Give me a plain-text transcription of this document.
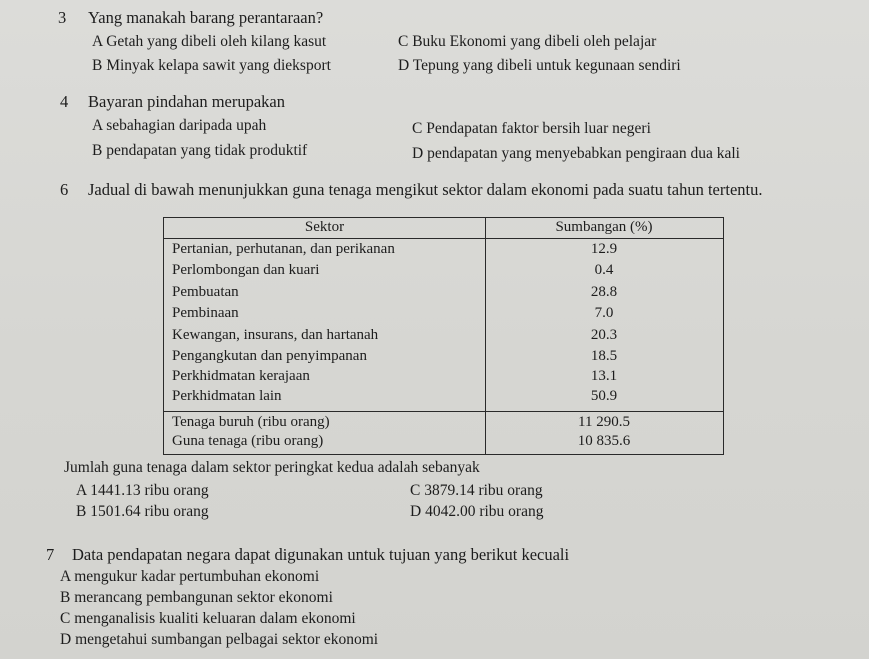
3 Yang manakah barang perantaraan?
A Getah yang dibeli oleh kilang kasut	C Buku Ekonomi yang dibeli oleh pelajar
B Minyak kelapa sawit yang dieksport	D Tepung yang dibeli untuk kegunaan sendiri
4 Bayaran pindahan merupakan
A sebahagian daripada upah	C Pendapatan faktor bersih luar negeri
B pendapatan yang tidak produktif	D pendapatan yang menyebabkan pengiraan dua kali
6 Jadual di bawah menunjukkan guna tenaga mengikut sektor dalam ekonomi pada suatu tahun tertentu.
Sektor	Sumbangan (%)
Pertanian, perhutanan, dan perikanan	12.9
Perlombongan dan kuari	0.4
Pembuatan	28.8
Pembinaan	7.0
Kewangan, insurans, dan hartanah	20.3
Pengangkutan dan penyimpanan	18.5
Perkhidmatan kerajaan	13.1
Perkhidmatan lain	50.9
Tenaga buruh (ribu orang)	11 290.5
Guna tenaga (ribu orang)	10 835.6
Jumlah guna tenaga dalam sektor peringkat kedua adalah sebanyak
A 1441.13 ribu orang	C 3879.14 ribu orang
B 1501.64 ribu orang	D 4042.00 ribu orang
7 Data pendapatan negara dapat digunakan untuk tujuan yang berikut kecuali
A mengukur kadar pertumbuhan ekonomi
B merancang pembangunan sektor ekonomi
C menganalisis kualiti keluaran dalam ekonomi
D mengetahui sumbangan pelbagai sektor ekonomi
